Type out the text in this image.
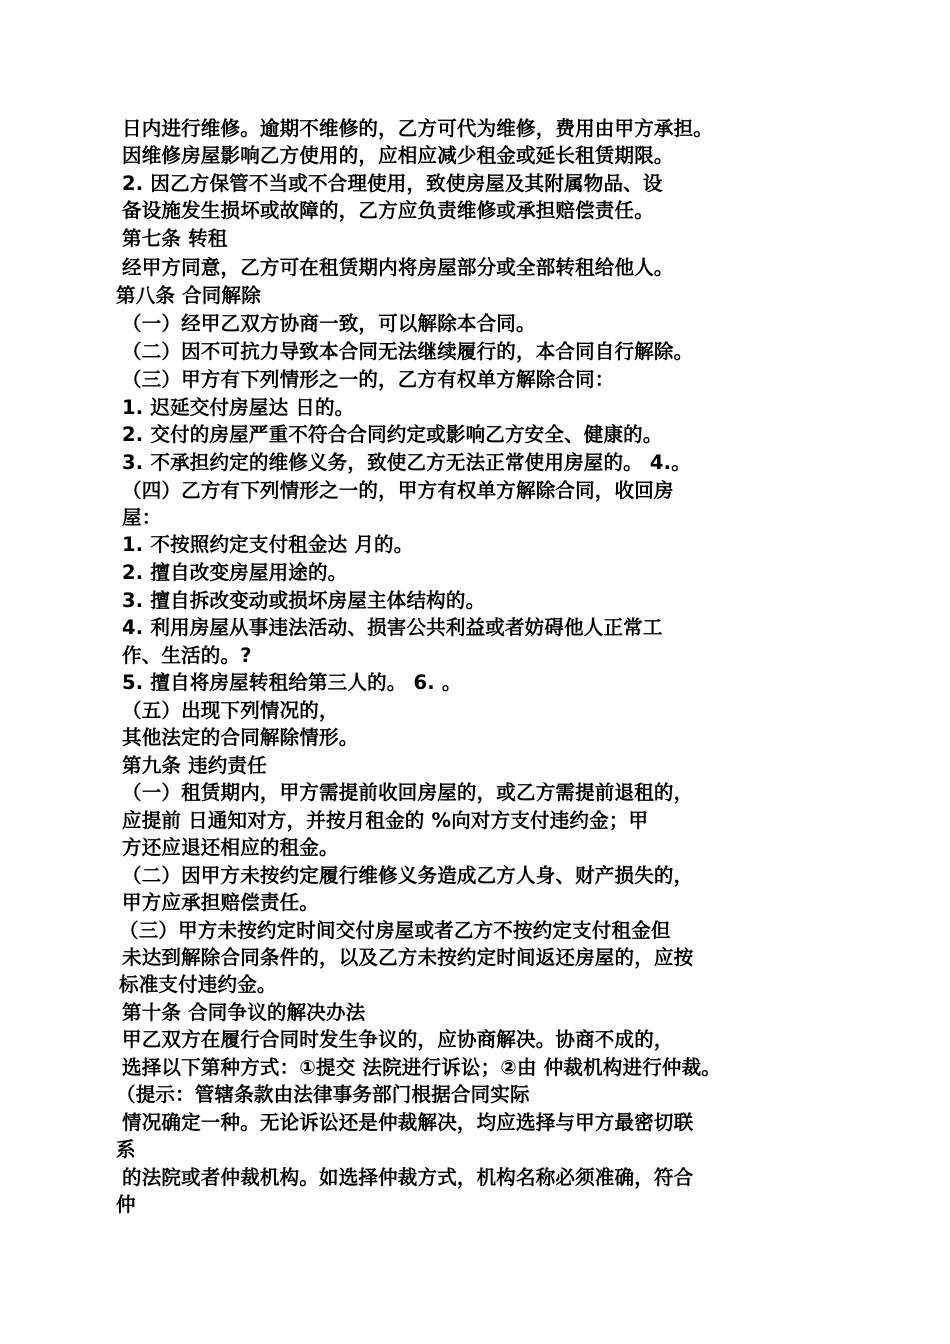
日内进行维修。逾期不维修的，乙方可代为维修，费用由甲方承担。
因维修房屋影响乙方使用的，应相应减少租金或延长租赁期限。
2. 因乙方保管不当或不合理使用，致使房屋及其附属物品、设
备设施发生损坏或故障的，乙方应负责维修或承担赔偿责任。
第七条 转租
经甲方同意，乙方可在租赁期内将房屋部分或全部转租给他人。
第八条 合同解除
（一）经甲乙双方协商一致，可以解除本合同。
（二）因不可抗力导致本合同无法继续履行的，本合同自行解除。
（三）甲方有下列情形之一的，乙方有权单方解除合同：
1. 迟延交付房屋达 日的。
2. 交付的房屋严重不符合合同约定或影响乙方安全、健康的。
3. 不承担约定的维修义务，致使乙方无法正常使用房屋的。 4.。
（四）乙方有下列情形之一的，甲方有权单方解除合同，收回房
屋：
1. 不按照约定支付租金达 月的。
2. 擅自改变房屋用途的。
3. 擅自拆改变动或损坏房屋主体结构的。
4. 利用房屋从事违法活动、损害公共利益或者妨碍他人正常工
作、生活的。?
5. 擅自将房屋转租给第三人的。 6. 。
（五）出现下列情况的，
其他法定的合同解除情形。
第九条 违约责任
（一）租赁期内，甲方需提前收回房屋的，或乙方需提前退租的，
应提前 日通知对方，并按月租金的 %向对方支付违约金；甲
方还应退还相应的租金。
（二）因甲方未按约定履行维修义务造成乙方人身、财产损失的，
甲方应承担赔偿责任。
（三）甲方未按约定时间交付房屋或者乙方不按约定支付租金但
未达到解除合同条件的，以及乙方未按约定时间返还房屋的，应按
标准支付违约金。
第十条 合同争议的解决办法
甲乙双方在履行合同时发生争议的，应协商解决。协商不成的，
选择以下第种方式：①提交 法院进行诉讼；②由 仲裁机构进行仲裁。
（提示：管辖条款由法律事务部门根据合同实际
情况确定一种。无论诉讼还是仲裁解决，均应选择与甲方最密切联
系
的法院或者仲裁机构。如选择仲裁方式，机构名称必须准确，符合
仲
